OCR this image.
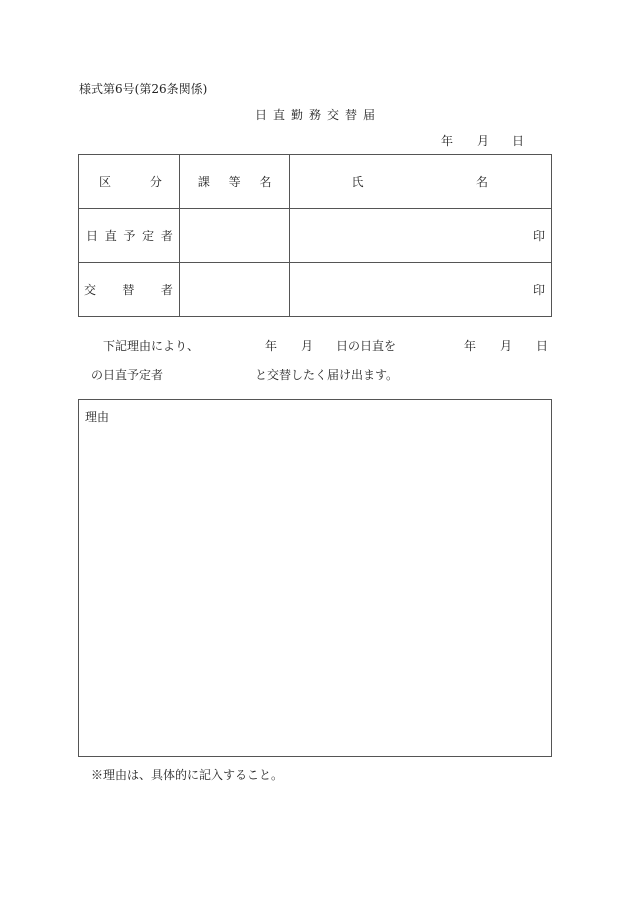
様式第6号(第26条関係)
日直勤務交替届
年 月 日
区 分	課 等 名	氏 名

日 直 予 定 者		印

交 替 者		印
下記理由により、	年 月 日の日直を	年 月 日
の日直予定者	と交替したく届け出ます。
理由
※理由は、具体的に記入すること。
